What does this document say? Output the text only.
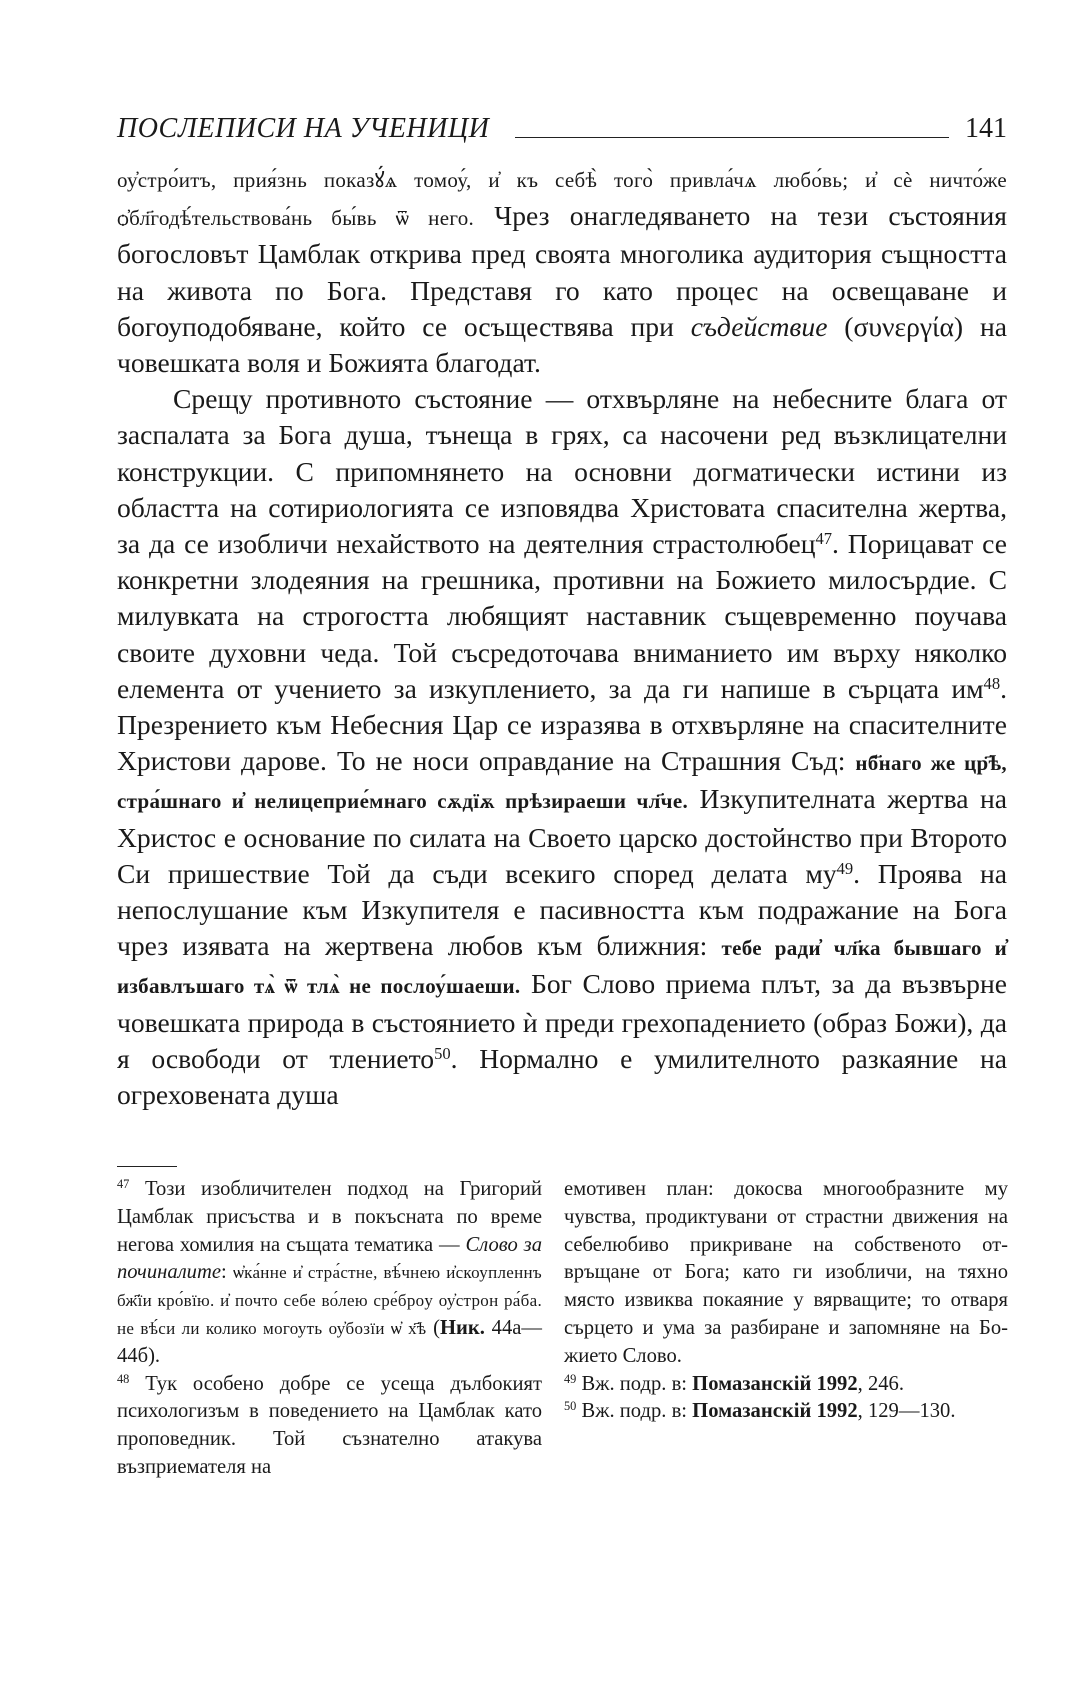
ПОСЛЕПИСИ НА УЧЕНИЦИ	141

оу҆стро́итъ, прия́знь показꙋ́ѧ томоу́, и҆ къ себѣ̀ того̀ привла́чѧ любо́вь; и҆ сѐ ничто́же ѻ҆бл҃годѣ́тельствова́нь бы́вь ѿ него. Чрез онагледяването на тези състояния богословът Цамблак открива пред своята многолика аудитория същността на живота по Бога. Представя го като процес на освещаване и богоуподобяване, който се осъществява при съдействие (συνεργία) на човешката воля и Божията благодат.

Срещу противното състояние — отхвърляне на небесните блага от заспалата за Бога душа, тънеща в грях, са насочени ред възклицателни конструкции. С припомнянето на основни догматически истини из областта на сотириологията се изповядва Христовата спасителна жертва, за да се изобличи нехайството на деятелния страстолюбец$^{47}$. Порицават се конкретни злодеяния на грешника, противни на Божието милосърдие. С милувката на строгостта любящият наставник същевременно поучава своите духовни чеда. Той съсредоточава вниманието им върху няколко елемента от учението за изкуплението, за да ги напише в сърцата $им^{48}$. Презрението към Небесния Цар се изразява в отхвърляне на спасителните Христови дарове. То не носи оправдание на Страшния Съд: нб҃наго же цр҃ѣ, стра́шнаго и҆ нелицеприе́мнаго сѫдїѫ прѣзираеши чл҃че. Изкупителната жертва на Христос е основание по силата на Своето царско достойнство при Второто Си пришествие Той да съди всекиго според делата $му^{49}$. Проява на непослушание към Изкупителя е пасивността към подражание на Бога чрез изявата на жертвена любов към ближния: тебе ради҆ чл҃ка бывшаго и҆ избавлъшаго тѧ̀ ѿ тлѧ̀ не послоу́шаеши. Бог Слово приема плът, за да възвърне човешката природа в състоянието ѝ преди грехопадението (образ Божи), да я освободи от тлението$^{50}$. Нормално е умилителното разкаяние на огреховената душа

$^{47}$ Този изобличителен подход на Григорий Цамблак присъства и в покъсната по време негова хомилия на същата тематика — Слово за починалите: ѡ҆ка́нне и҆ стра́стне, вѣ́чнею и҆скоупленнъ бж҃їи кро́вїю. и҆ почто себе во́лею сре́брoу оу҆строн ра́ба. не вѣ́си ли колико могоуть оу҆бозїи ѡ҆ х҃ѣ (Ник. 44а—44б).

$^{48}$ Тук особено добре се усеща дълбокият психологизъм в поведението на Цамблак като проповедник. Той съзнателно атакува възприемателя на

емотивен план: докосва многообразните му чувства, продиктувани от страстни движения на себелюбиво прикриване на собственото отвръщане от Бога; като ги изобличи, на тяхно място извиква покаяние у вярващите; то отваря сърцето и ума за разбиране и запомняне на Божието Слово.

$^{49}$ Вж. подр. в: Помазанскiй 1992, 246.

$^{50}$ Вж. подр. в: Помазанскiй 1992, 129—130.
